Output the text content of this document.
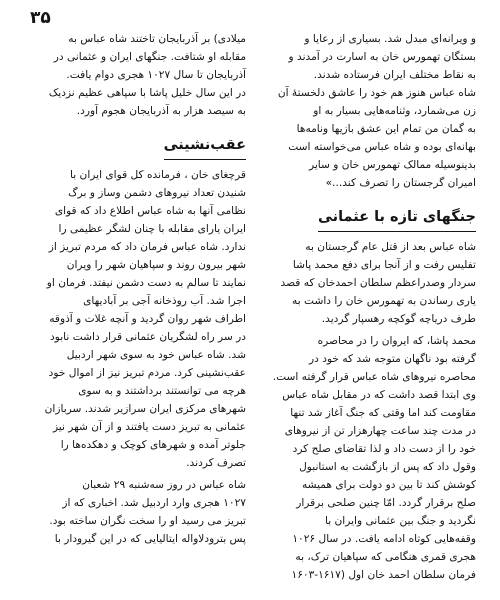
۳۵

و ویرانه‌ای مبدل شد. بسیاری از رعایا و

بستگان تهمورس خان به اسارت در آمدند و

به نقاط مختلف ایران فرستاده شدند.

شاه عباس هنوز هم خود را عاشق دلخستهٔ آن

زن می‌شمارد، وثنامه‌هایی بسیار به او

به گمان من تمام این عشق بازیها ونامه‌ها

بهانه‌ای بوده و شاه عباس می‌خواسته است

بدینوسیله ممالک تهمورس خان و سایر

امیران گرجستان را تصرف کند...»

جنگهای تازه با عثمانی

شاه عباس بعد از قتل عام گرجستان به

تفلیس رفت و از آنجا برای دفع محمد پاشا

سردار وصدراعظم سلطان احمدخان که قصد

یاری رساندن به تهمورس خان را داشت به

طرف دریاچه گوکچه رهسپار گردید.

محمد پاشا، که ایروان را در محاصره

گرفته بود ناگهان متوجه شد که خود در

محاصره نیروهای شاه عباس قرار گرفته است.

وی ابتدا قصد داشت که در مقابل شاه عباس

مقاومت کند اما وقتی که جنگ آغاز شد تنها

در مدت چند ساعت چهارهزار تن از نیروهای

خود را از دست داد و لذا تقاضای صلح کرد

وقول داد که پس از بازگشت به استانبول

کوشش کند تا بین دو دولت برای همیشه

صلح برقرار گردد. امّا چنین صلحی برقرار

نگردید و جنگ بین عثمانی وایران با

وقفه‌هایی کوتاه ادامه یافت. در سال ۱۰۲۶

هجری قمری هنگامی که سپاهیان ترک، به

فرمان سلطان احمد خان اول (۱۶۱۷-۱۶۰۳

میلادی) بر آذربایجان تاختند شاه عباس به

مقابله او شتافت. جنگهای ایران و عثمانی در

آذربایجان تا سال ۱۰۲۷ هجری دوام یافت.

در این سال خلیل پاشا با سپاهی عظیم نزدیک

به سیصد هزار به آذربایجان هجوم آورد.

عقب‌نشینی

قرچغای خان ، فرمانده کل قوای ایران با

شنیدن تعداد نیروهای دشمن وساز و برگ

نظامی آنها به شاه عباس اطلاع داد که قوای

ایران یارای مقابله با چنان لشگر عظیمی را

ندارد. شاه عباس فرمان داد که مردم تبریز از

شهر بیرون روند و سپاهیان شهر را ویران

نمایند تا سالم به دست دشمن نیفتد. فرمان او

اجرا شد. آب روذخانه آجی بر آبادیهای

اطراف شهر روان گردید و آنچه غلات و آذوقه

در سر راه لشگریان عثمانی قرار داشت نابود

شد. شاه عباس خود به سوی شهر اردبیل

عقب‌نشینی کرد. مردم تبریز نیز از اموال خود

هرچه می توانستند برداشتند و به سوی

شهرهای مرکزی ایران سرازیر شدند. سربازان

عثمانی به تبریز دست یافتند و از آن شهر نیز

جلوتر آمده و شهرهای کوچک و دهکده‌ها را

تصرف کردند.

شاه عباس در روز سه‌شنبه ۲۹ شعبان

۱۰۲۷ هجری وارد اردبیل شد. اخباری که از

تبریز می رسید او را سخت نگران ساخته بود.

پس بترودلاواله ایتالیایی که در این گیرودار با
